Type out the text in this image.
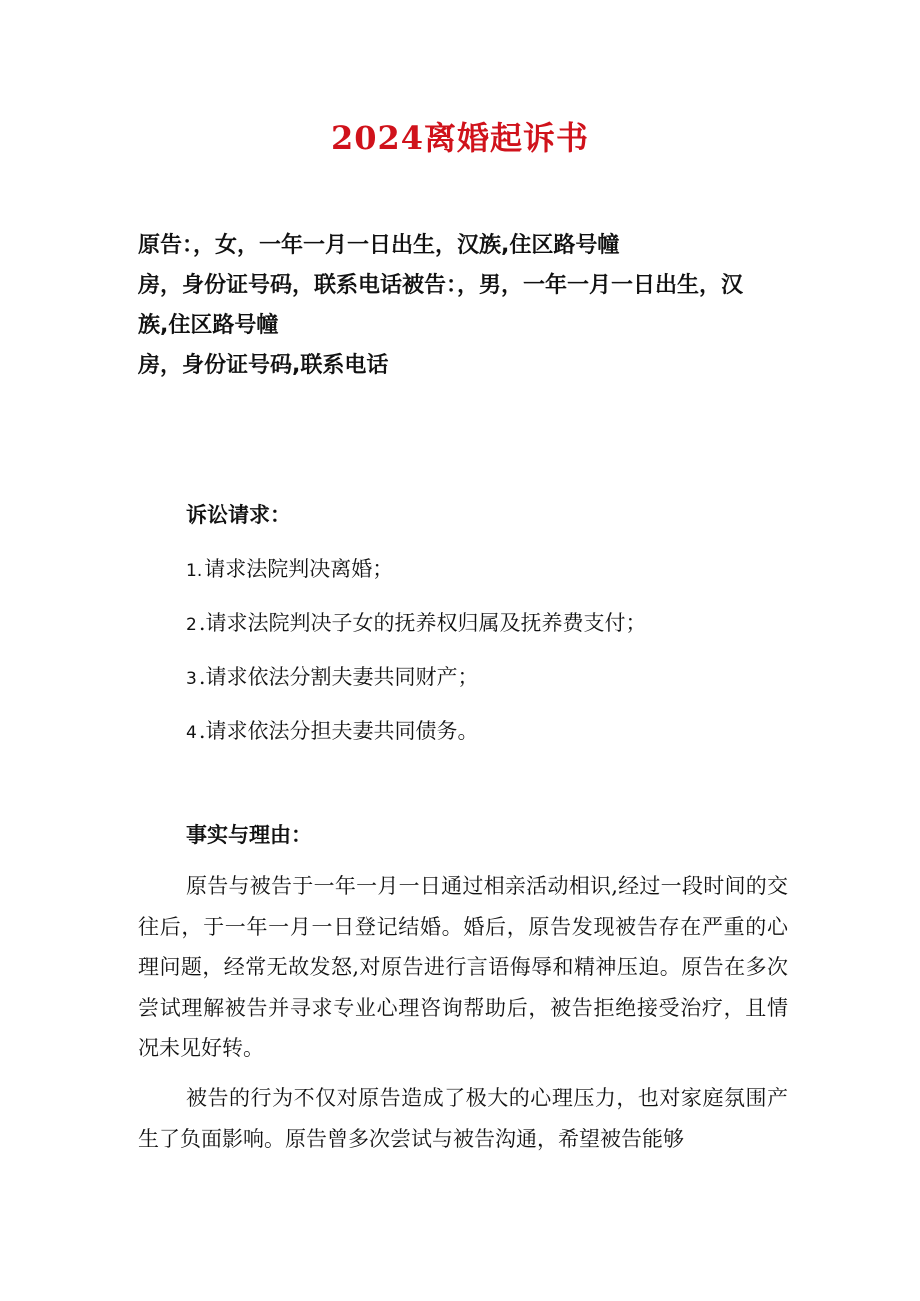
2024离婚起诉书
原告：，女，一年一月一日出生，汉族,住区路号幢
房，身份证号码，联系电话被告：，男，一年一月一日出生，汉
族,住区路号幢
房，身份证号码,联系电话
诉讼请求：
1.请求法院判决离婚；
2.请求法院判决子女的抚养权归属及抚养费支付；
3.请求依法分割夫妻共同财产；
4.请求依法分担夫妻共同债务。
事实与理由：
原告与被告于一年一月一日通过相亲活动相识,经过一段时间的交往后，于一年一月一日登记结婚。婚后，原告发现被告存在严重的心理问题，经常无故发怒,对原告进行言语侮辱和精神压迫。原告在多次尝试理解被告并寻求专业心理咨询帮助后，被告拒绝接受治疗，且情况未见好转。
被告的行为不仅对原告造成了极大的心理压力，也对家庭氛围产生了负面影响。原告曾多次尝试与被告沟通，希望被告能够
